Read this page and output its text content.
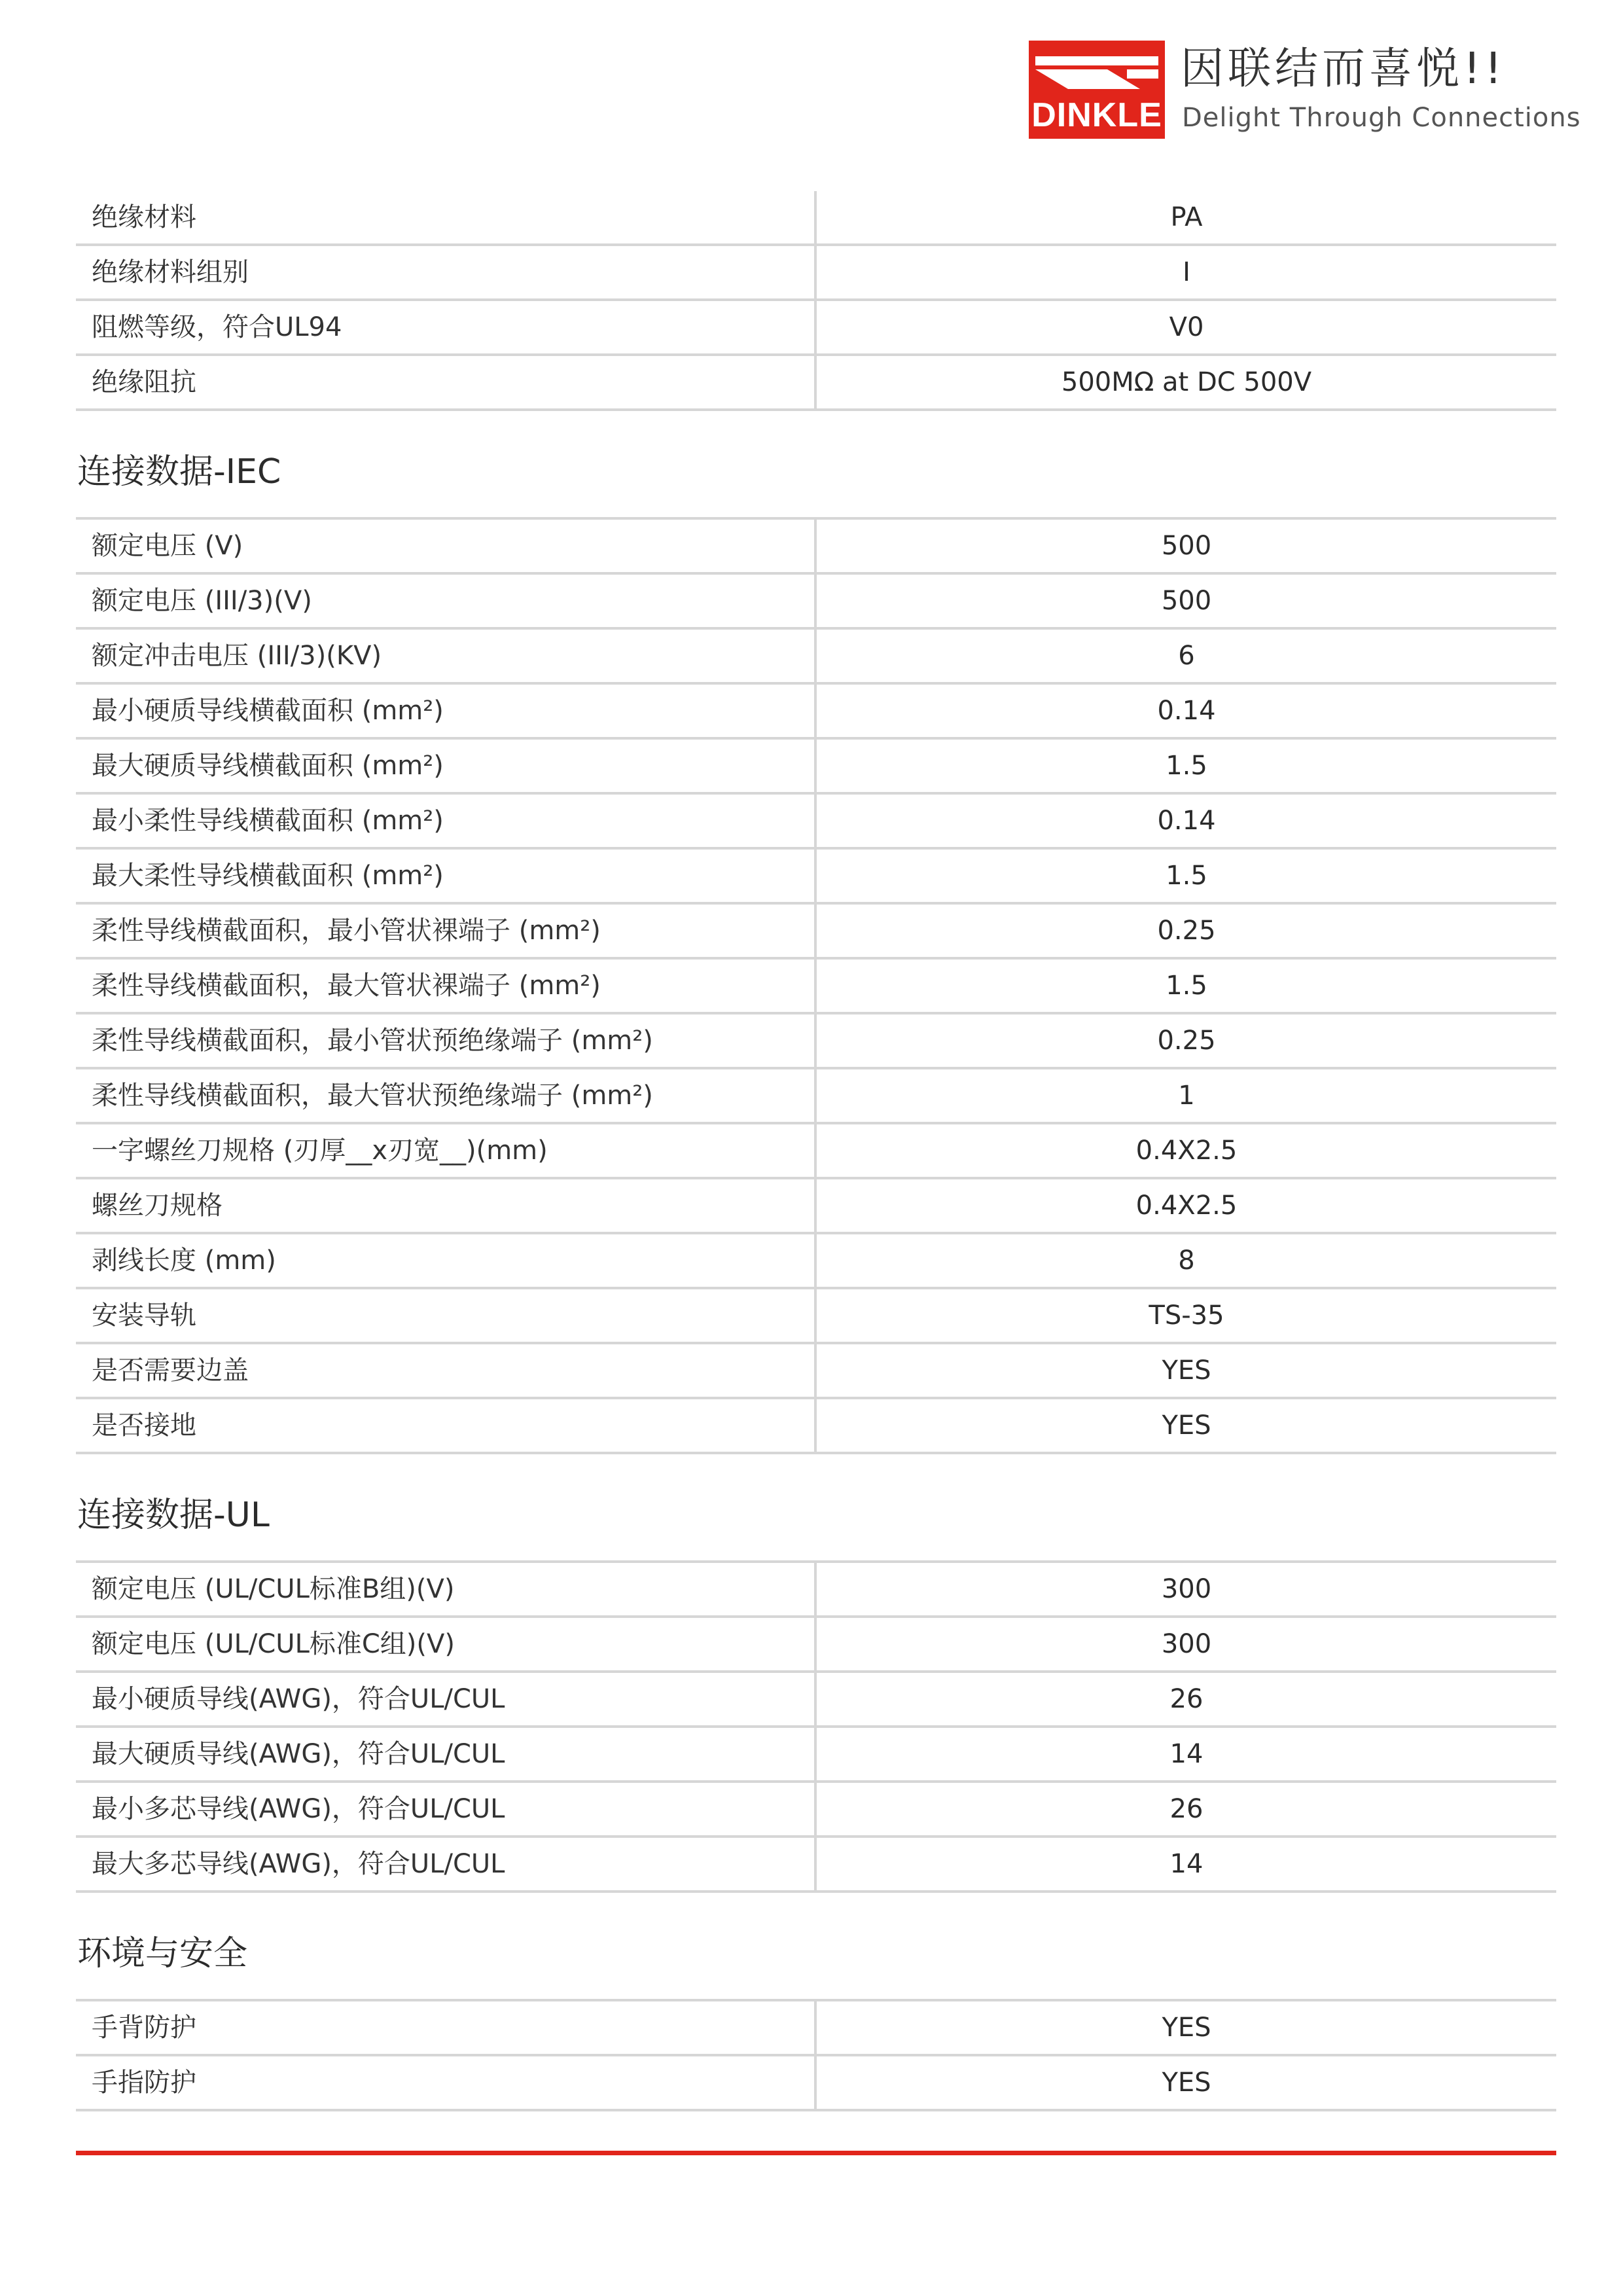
DINKLE
因联结而喜悦!!
Delight Through Connections
绝缘材料	PA
绝缘材料组别	I
阻燃等级，符合UL94	V0
绝缘阻抗	500MΩ at DC 500V
连接数据-IEC
额定电压 (V)	500
额定电压 (III/3)(V)	500
额定冲击电压 (III/3)(KV)	6
最小硬质导线横截面积 (mm²)	0.14
最大硬质导线横截面积 (mm²)	1.5
最小柔性导线横截面积 (mm²)	0.14
最大柔性导线横截面积 (mm²)	1.5
柔性导线横截面积，最小管状裸端子 (mm²)	0.25
柔性导线横截面积，最大管状裸端子 (mm²)	1.5
柔性导线横截面积，最小管状预绝缘端子 (mm²)	0.25
柔性导线横截面积，最大管状预绝缘端子 (mm²)	1
一字螺丝刀规格 (刃厚__x刃宽__)(mm)	0.4X2.5
螺丝刀规格	0.4X2.5
剥线长度 (mm)	8
安装导轨	TS-35
是否需要边盖	YES
是否接地	YES
连接数据-UL
额定电压 (UL/CUL标准B组)(V)	300
额定电压 (UL/CUL标准C组)(V)	300
最小硬质导线(AWG)，符合UL/CUL	26
最大硬质导线(AWG)，符合UL/CUL	14
最小多芯导线(AWG)，符合UL/CUL	26
最大多芯导线(AWG)，符合UL/CUL	14
环境与安全
手背防护	YES
手指防护	YES
